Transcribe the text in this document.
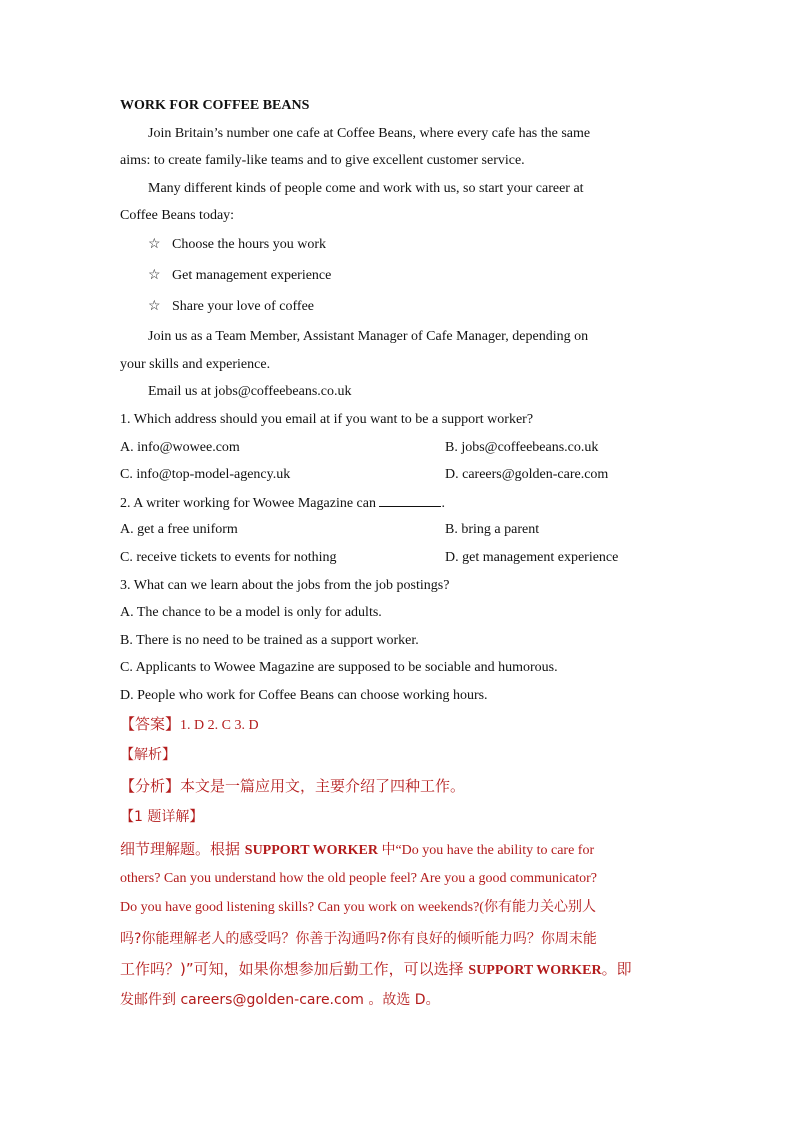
WORK FOR COFFEE BEANS
Join Britain’s number one cafe at Coffee Beans, where every cafe has the same
aims: to create family-like teams and to give excellent customer service.
Many different kinds of people come and work with us, so start your career at
Coffee Beans today:
☆ Choose the hours you work
☆ Get management experience
☆ Share your love of coffee
Join us as a Team Member, Assistant Manager of Cafe Manager, depending on
your skills and experience.
Email us at jobs@coffeebeans.co.uk
1. Which address should you email at if you want to be a support worker?
A. info@wowee.com	B. jobs@coffeebeans.co.uk
C. info@top-model-agency.uk	D. careers@golden-care.com
2. A writer working for Wowee Magazine can	.
A. get a free uniform	B. bring a parent
C. receive tickets to events for nothing	D. get management experience
3. What can we learn about the jobs from the job postings?
A. The chance to be a model is only for adults.
B. There is no need to be trained as a support worker.
C. Applicants to Wowee Magazine are supposed to be sociable and humorous.
D. People who work for Coffee Beans can choose working hours.
【答案】1. D 2. C 3. D
【解析】
【分析】本文是一篇应用文，主要介绍了四种工作。
【1 题详解】
细节理解题。根据 SUPPORT WORKER 中“Do you have the ability to care for
others? Can you understand how the old people feel? Are you a good communicator?
Do you have good listening skills? Can you work on weekends?(你有能力关心别人
吗?你能理解老人的感受吗？你善于沟通吗?你有良好的倾听能力吗？你周末能
工作吗？)”可知，如果你想参加后勤工作，可以选择 SUPPORT WORKER。即
发邮件到 careers@golden-care.com 。故选 D。
